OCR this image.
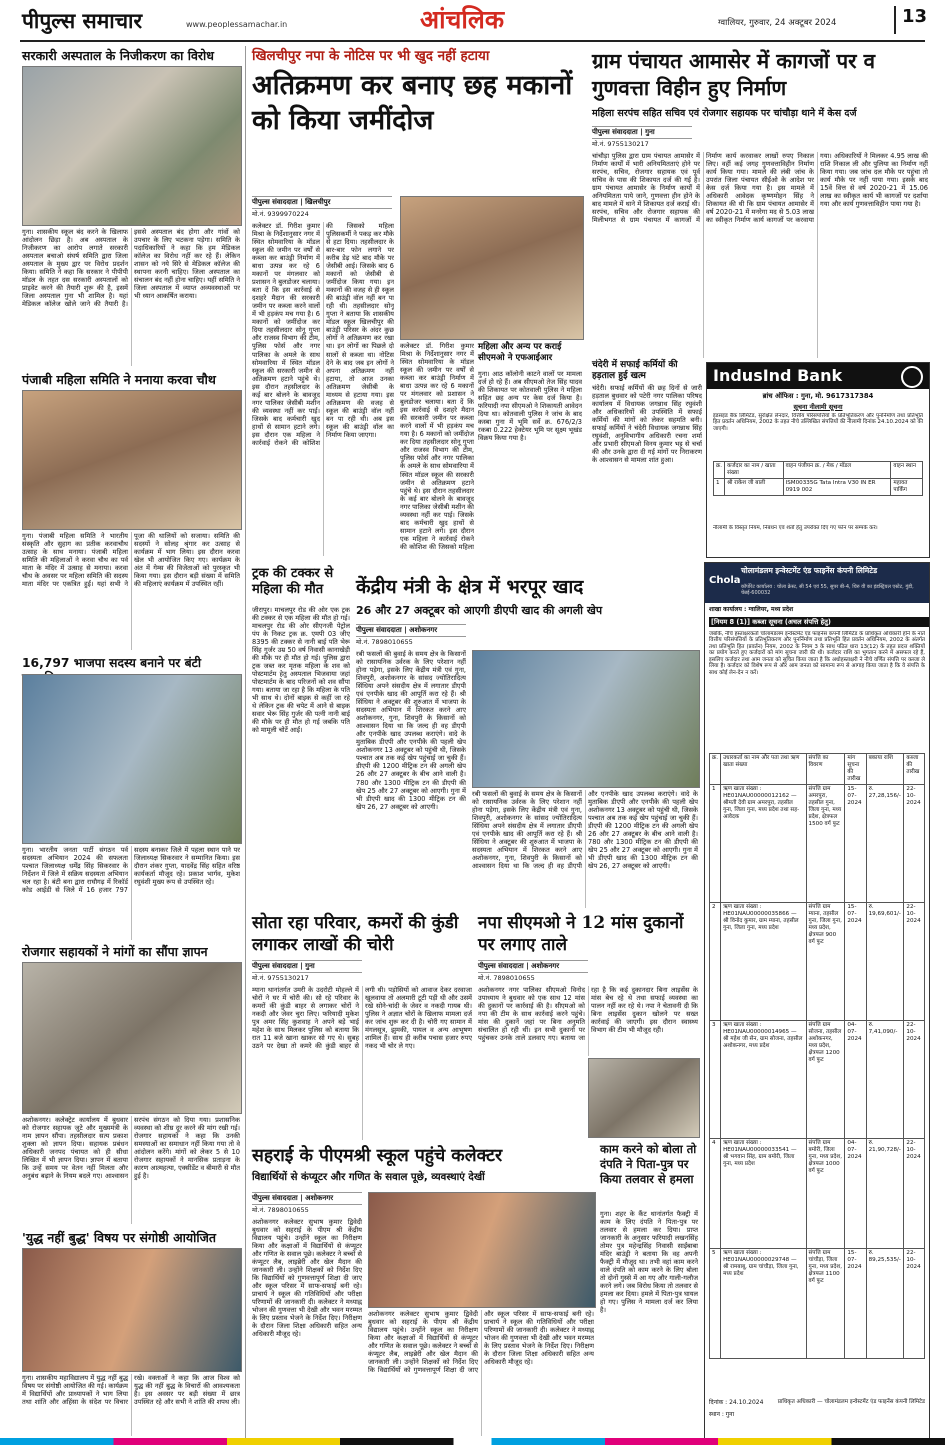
पीपुल्स समाचार	www.peoplessamachar.in	आंचलिक	ग्वालियर, गुरुवार, 24 अक्टूबर 2024	13
सरकारी अस्पताल के निजीकरण का विरोध
गुना। शासकीय स्कूल बंद करने के खिलाफ आंदोलन छिड़ा है। अब अस्पताल के निजीकरण का आरोप लगाते सरकारी अस्पताल बचाओ संघर्ष समिति द्वारा जिला अस्पताल के मुख्य द्वार पर विरोध प्रदर्शन किया। समिति ने कहा कि सरकार ने पीपीपी मॉडल के तहत दस सरकारी अस्पतालों को प्राइवेट करने की तैयारी शुरू की है, इसमें जिला अस्पताल गुना भी शामिल है। यहां मेडिकल कॉलेज खोले जाने की तैयारी है। इससे अस्पताल बंद होगा और गांवों को उपचार के लिए भटकना पड़ेगा। समिति के पदाधिकारियों ने कहा कि हम मेडिकल कॉलेज का विरोध नहीं कर रहे हैं। लेकिन शासन को नये सिरे से मेडिकल कॉलेज की स्थापना करनी चाहिए। जिला अस्पताल का संचालन बंद नहीं होना चाहिए। यहीं समिति ने जिला अस्पताल में व्याप्त अव्यवस्थाओं पर भी ध्यान आकर्षित कराया।
पंजाबी महिला समिति ने मनाया करवा चौथ
गुना। पंजाबी महिला समिति ने भारतीय संस्कृति और सुहाग का प्रतीक करवाचौथ उत्साह के साथ मनाया। पंजाबी महिला समिति की महिलाओं ने करवा चौथ का पर्व माता के मंदिर में उत्साह से मनाया। करवा चौथ के अवसर पर महिला समिति की सदस्य माता मंदिर पर एकत्रित हुईं। यहां सभी ने पूजा की थालियों को सजाया। समिति की सदस्यों ने सोलह श्रृंगार कर उत्साह से कार्यक्रम में भाग लिया। इस दौरान करवा खेल भी आयोजित किए गए। कार्यक्रम के अंत में गेम्स की विजेताओं को पुरस्कृत भी किया गया। इस दौरान बड़ी संख्या में समिति की महिलाएं कार्यक्रम में उपस्थित रहीं।
16,797 भाजपा सदस्य बनाने पर बंटी
गुना। भारतीय जनता पार्टी संगठन पर्व सदस्यता अभियान 2024 की सफलता पश्चात जिलाध्यक्ष धर्मेंद्र सिंह सिकरवार के निर्देशन में जिले में सक्रिय सदस्यता अभियान चल रहा है। बंटी बना द्वारा राघौगढ़ में रिकॉर्ड कोड आईडी से जिले में 16 हजार 797 सदस्य बनाकर जिले में पहला स्थान पाने पर जिलाध्यक्ष सिकरवार ने सम्मानित किया। इस दौरान शंकर गुप्ता, यादवेंद्र सिंह सहित वरिष्ठ कार्यकर्ता मौजूद रहे। प्रकाश भार्गव, मुकेश रघुवंशी मुख्य रूप से उपस्थित रहे।
रोजगार सहायकों ने मांगों का सौंपा ज्ञापन
अशोकनगर। कलेक्ट्रेट कार्यालय में बुधवार को रोजगार सहायक जुटे और मुख्यमंत्री के नाम ज्ञापन सौंपा। तहसीलदार सत्य प्रकाश शुक्ला को ज्ञापन दिया। सहायक प्रबंधन अधिकारी जनपद पंचायत को ही सीधा लिखित में भी ज्ञापन दिया। ज्ञापन में बताया कि उन्हें समय पर वेतन नहीं मिलता और अनुबंध बढ़ाने के नियम बदले गए। आश्वासन सरपंच संगठन को दिया गया। प्रशासनिक व्यवस्था को शीघ्र दूर करने की मांग रखी गई। रोजगार सहायकों ने कहा कि उनकी समस्याओं का समाधान नहीं किया गया तो वे आंदोलन करेंगे। मांगों को लेकर 5 से 10 रोजगार सहायकों ने मानसिक प्रताड़ना के कारण आत्महत्या, एक्सीडेंट व बीमारी से मौत हुई है।
'युद्ध नहीं बुद्ध' विषय पर संगोष्ठी आयोजित
गुना। शासकीय महाविद्यालय में युद्ध नहीं बुद्ध विषय पर संगोष्ठी आयोजित की गई। कार्यक्रम में विद्यार्थियों और प्राध्यापकों ने भाग लिया तथा शांति और अहिंसा के संदेश पर विचार रखे। वक्ताओं ने कहा कि आज विश्व को युद्ध की नहीं बुद्ध के विचारों की आवश्यकता है। इस अवसर पर बड़ी संख्या में छात्र उपस्थित रहे और सभी ने शांति की शपथ ली।
खिलचीपुर नपा के नोटिस पर भी खुद नहीं हटाया
अतिक्रमण कर बनाए छह मकानों को किया जमींदोज
पीपुल्स संवाददाता | खिलचीपुर
मो.नं. 9399970224
कलेक्टर डॉ. गिरीश कुमार मिश्रा के निर्देशानुसार नगर में स्थित सोमवारिया के मॉडल स्कूल की जमीन पर वर्षों से कब्जा कर बाउंड्री निर्माण में बाधा उत्पन्न कर रहे 6 मकानों पर मंगलवार को प्रशासन ने बुलडोजर चलाया। बता दें कि इस कार्रवाई से दशहरे मैदान की सरकारी जमीन पर कब्जा करने वालों में भी हड़कंप मच गया है। 6 मकानों को जमींदोज कर दिया तहसीलदार सोनू गुप्ता और राजस्व विभाग की टीम, पुलिस फोर्स और नगर पालिका के अमले के साथ सोमवारिया में स्थित मॉडल स्कूल की सरकारी जमीन से अतिक्रमण हटाने पहुंचे थे। इस दौरान तहसीलदार के कई बार बोलने के बावजूद नगर पालिका जेसीबी मशीन की व्यवस्था नहीं कर पाई। जिसके बाद कर्मचारी खुद हाथों से सामान हटाने लगे। इस दौरान एक महिला ने कार्रवाई रोकने की कोशिश की जिसको महिला पुलिसकर्मी ने पकड़ कर मौके से हटा दिया। तहसीलदार के बार-बार फोन लगाने पर करीब डेढ़ घंटे बाद मौके पर जेसीबी आई। जिसके बाद 6 मकानों को जेसीबी से जमींदोज किया गया। इन मकानों की वजह से ही स्कूल की बाउंड्री वॉल नहीं बन पा रही थी। तहसीलदार सोनू गुप्ता ने बताया कि शासकीय मॉडल स्कूल खिलचीपुर की बाउंड्री परिसर के अंदर कुछ लोगों ने अतिक्रमण कर रखा था। इन लोगों का पिछले दो सालों से कब्जा था। नोटिस देने के बाद जब इन लोगों ने अपना अतिक्रमण नहीं हटाया, तो आज उनका अतिक्रमण जेसीबी के माध्यम से हटाया गया। इस अतिक्रमण की वजह से स्कूल की बाउंड्री वॉल नहीं बन पा रही थी। अब इस स्कूल की बाउंड्री वॉल का निर्माण किया जाएगा।
महिला और अन्य पर कराई सीएमओ ने एफआईआर
गुना। आठ कॉलोनी काटने वालों पर मामला दर्ज हो रहे हैं। अब सीएमओ तेज सिंह यादव की शिकायत पर कोतवाली पुलिस ने महिला सहित छह अन्य पर केस दर्ज किया है। फरियादी नपा सीएमओ ने शिकायती आवेदन दिया था। कोतवाली पुलिस ने जांच के बाद कस्बा गुना में भूमि सर्वे क्र. 676/2/3 रकबा 0.222 हेक्टेयर भूमि पर सूक्ष्म भूखंड विक्रय किया गया है।
कलेक्टर डॉ. गिरीश कुमार मिश्रा के निर्देशानुसार नगर में स्थित सोमवारिया के मॉडल स्कूल की जमीन पर वर्षों से कब्जा कर बाउंड्री निर्माण में बाधा उत्पन्न कर रहे 6 मकानों पर मंगलवार को प्रशासन ने बुलडोजर चलाया। बता दें कि इस कार्रवाई से दशहरे मैदान की सरकारी जमीन पर कब्जा करने वालों में भी हड़कंप मच गया है। 6 मकानों को जमींदोज कर दिया तहसीलदार सोनू गुप्ता और राजस्व विभाग की टीम, पुलिस फोर्स और नगर पालिका के अमले के साथ सोमवारिया में स्थित मॉडल स्कूल की सरकारी जमीन से अतिक्रमण हटाने पहुंचे थे। इस दौरान तहसीलदार के कई बार बोलने के बावजूद नगर पालिका जेसीबी मशीन की व्यवस्था नहीं कर पाई। जिसके बाद कर्मचारी खुद हाथों से सामान हटाने लगे। इस दौरान एक महिला ने कार्रवाई रोकने की कोशिश की जिसको महिला
ट्रक की टक्कर से महिला की मौत
जीरापुर। माचलपुर रोड की ओर एक ट्रक की टक्कर से एक महिला की मौत हो गई। माचलपुर रोड की ओर सीएनजी पेट्रोल पंप के निकट ट्रक क्र. एमपी 03 जीए 8395 की टक्कर से नानी बाई पति भेरू सिंह गुर्जर उम्र 50 वर्ष निवासी कानाखेड़ी की मौके पर ही मौत हो गई। पुलिस द्वारा ट्रक जब्त कर मृतक महिला के शव को पोस्टमार्टम हेतु अस्पताल भिजवाया जहां पोस्टमार्टम के बाद परिजनों को शव सौंपा गया। बताया जा रहा है कि महिला के पति भी साथ थे। दोनों बाइक से कहीं जा रहे थे लेकिन ट्रक की चपेट में आने से बाइक सवार भेरू सिंह गुर्जर की पत्नी नानी बाई की मौके पर ही मौत हो गई जबकि पति को मामूली चोटें आईं।
ग्राम पंचायत आमासेर में कागजों पर व गुणवत्ता विहीन हुए निर्माण
महिला सरपंच सहित सचिव एवं रोजगार सहायक पर चांचौड़ा थाने में केस दर्ज
पीपुल्स संवाददाता | गुना
मो.नं. 9755130217
चांचौड़ा पुलिस द्वारा ग्राम पंचायत आमासेर में निर्माण कार्यों में भारी अनियमितताएं होने पर सरपंच, सचिव, रोजगार सहायक एवं पूर्व सचिव के पास की शिकायत दर्ज की गई है। ग्राम पंचायत आमासेर के निर्माण कार्यों में अनियमितता पाये जाने, गुणवत्ता हीन होने के बाद मामले में थाने में शिकायत दर्ज कराई थी। सरपंच, सचिव और रोजगार सहायक की मिलीभगत से ग्राम पंचायत में कागजों में निर्माण कार्य करवाकर लाखों रुपए निकाल लिए। वहीं कई जगह गुणवत्ताविहीन निर्माण कार्य किया गया। मामले की लंबी जांच के उपरांत जिला पंचायत सीईओ के आदेश पर केस दर्ज किया गया है। इस मामले में अधिकारी आवेदक कृष्णमोहन सिंह ने शिकायत की थी कि ग्राम पंचायत आमासेर में वर्ष 2020-21 में मनरेगा मद से 5.03 लाख का स्वीकृत निर्माण कार्य कागजों पर करवाया गया। अधिकारियों ने मिलकर 4.95 लाख की राशि निकाल ली और पुलिया का निर्माण नहीं किया गया। जब जांच दल मौके पर पहुंचा तो कार्य मौके पर नहीं पाया गया। इसके बाद 15वें वित्त से वर्ष 2020-21 में 15.06 लाख का स्वीकृत कार्य भी कागजों पर दर्शाया गया और कार्य गुणवत्ताविहीन पाया गया है।
चंदेरी में सफाई कर्मियों की हड़ताल हुई खत्म
चंदेरी। सफाई कर्मियों की छह दिनों से जारी हड़ताल बुधवार को पटेरी नगर पालिका परिषद कार्यालय में विधायक जगन्नाथ सिंह रघुवंशी और अधिकारियों की उपस्थिति में सफाई कर्मियों की मांगों को लेकर सहमति बनी। सफाई कर्मियों ने चंदेरी विधायक जगन्नाथ सिंह रघुवंशी, अनुविभागीय अधिकारी रचना शर्मा और प्रभारी सीएमओ विनय कुमार भट्ट से चर्चा की और उनके द्वारा दी गई मांगों पर निराकरण के आश्वासन से मामला शांत हुआ।
IndusInd Bank
ब्रांच ऑफिस : गुना, मो. 9617317384
सूचना नीलामी सूचना
इंडसइंड बैंक लिमिटेड, सुरक्षित लेनदार, वित्तीय परिसंपत्तियों के प्रतिभूतिकरण और पुनर्निर्माण तथा प्रतिभूति हित प्रवर्तन अधिनियम, 2002 के तहत नीचे उल्लिखित संपत्तियों की नीलामी दिनांक 24.10.2024 को की जाएगी।
क्र.	कर्जदार का नाम / खाता संख्या	वाहन पंजीयन क्र. / मेक / मॉडल	वाहन स्थान
1	श्री राकेश जी बाली	ISM00335G Tata Intra V30 IN ER 0919 002	महावत पार्किंग
नीलामी के विस्तृत नियम, निबंधन एवं शर्तों हेतु उपरोक्त दिए गए फोन पर सम्पर्क करें।
केंद्रीय मंत्री के क्षेत्र में भरपूर खाद
26 और 27 अक्टूबर को आएगी डीएपी खाद की अगली खेप
पीपुल्स संवाददाता | अशोकनगर
मो.नं. 7898010655
रबी फसलों की बुवाई के समय क्षेत्र के किसानों को रासायनिक उर्वरक के लिए परेशान नहीं होना पड़ेगा, इसके लिए केंद्रीय मंत्री एवं गुना, शिवपुरी, अशोकनगर के सांसद ज्योतिरादित्य सिंधिया अपने संसदीय क्षेत्र में लगातार डीएपी एवं एनपीके खाद की आपूर्ति करा रहे हैं। श्री सिंधिया ने अक्टूबर की शुरुआत में भाजपा के सदस्यता अभियान में शिरकत करने आए अशोकनगर, गुना, शिवपुरी के किसानों को आश्वासन दिया था कि जल्द ही वह डीएपी और एनपीके खाद उपलब्ध कराएंगे। वादे के मुताबिक डीएपी और एनपीके की पहली खेप अशोकनगर 13 अक्टूबर को पहुंची थी, जिसके पश्चात अब तक कई खेप पहुंचाई जा चुकी हैं। डीएपी की 1200 मीट्रिक टन की अगली खेप 26 और 27 अक्टूबर के बीच आने वाली है। 780 और 1300 मीट्रिक टन की डीएपी की खेप 25 और 27 अक्टूबर को आएगी। गुना में भी डीएपी खाद की 1300 मीट्रिक टन की खेप 26, 27 अक्टूबर को आएगी।
रबी फसलों की बुवाई के समय क्षेत्र के किसानों को रासायनिक उर्वरक के लिए परेशान नहीं होना पड़ेगा, इसके लिए केंद्रीय मंत्री एवं गुना, शिवपुरी, अशोकनगर के सांसद ज्योतिरादित्य सिंधिया अपने संसदीय क्षेत्र में लगातार डीएपी एवं एनपीके खाद की आपूर्ति करा रहे हैं। श्री सिंधिया ने अक्टूबर की शुरुआत में भाजपा के सदस्यता अभियान में शिरकत करने आए अशोकनगर, गुना, शिवपुरी के किसानों को आश्वासन दिया था कि जल्द ही वह डीएपी और एनपीके खाद उपलब्ध कराएंगे। वादे के मुताबिक डीएपी और एनपीके की पहली खेप अशोकनगर 13 अक्टूबर को पहुंची थी, जिसके पश्चात अब तक कई खेप पहुंचाई जा चुकी हैं। डीएपी की 1200 मीट्रिक टन की अगली खेप 26 और 27 अक्टूबर के बीच आने वाली है। 780 और 1300 मीट्रिक टन की डीएपी की खेप 25 और 27 अक्टूबर को आएगी। गुना में भी डीएपी खाद की 1300 मीट्रिक टन की खेप 26, 27 अक्टूबर को आएगी।
सोता रहा परिवार, कमरों की कुंडी लगाकर लाखों की चोरी
पीपुल्स संवाददाता | गुना
मो.नं. 9755130217
म्याना थानांतर्गत उमरी के उदरोटी मोहल्ले में चोरों ने घर में चोरी की। सो रहे परिवार के कमरों की कुंडी बाहर से लगाकर चोरों ने नकदी और जेवर चुरा लिए। फरियादी मुकेश पुत्र अमर सिंह कुशवाह ने अपने बड़े भाई महेश के साथ मिलकर पुलिस को बताया कि रात 11 बजे खाना खाकर सो गए थे। सुबह उठने पर देखा तो कमरे की कुंडी बाहर से लगी थी। पड़ोसियों को आवाज देकर दरवाजा खुलवाया तो अलमारी टूटी पड़ी थी और उसमें रखे सोने-चांदी के जेवर व नकदी गायब थी। पुलिस ने अज्ञात चोरों के खिलाफ मामला दर्ज कर जांच शुरू कर दी है। चोरी गए सामान में मंगलसूत्र, झुमकी, पायल व अन्य आभूषण शामिल हैं। साथ ही करीब पचास हजार रुपए नकद भी चोर ले गए।
नपा सीएमओ ने 12 मांस दुकानों पर लगाए ताले
पीपुल्स संवाददाता | अशोकनगर
मो.नं. 7898010655
अशोकनगर नगर पालिका सीएमओ विनोद उपाध्याय ने बुधवार को एक साथ 12 मांस की दुकानों पर कार्रवाई की है। सीएमओ को नपा की टीम के साथ कार्रवाई करने पहुंचे। मांस की दुकानें जहां पर बिना अनुमति संचालित हो रही थीं। इन सभी दुकानों पर पहुंचकर उनके ताले डलवाए गए। बताया जा रहा है कि कई दुकानदार बिना लाइसेंस के मांस बेच रहे थे तथा सफाई व्यवस्था का पालन नहीं कर रहे थे। नपा ने चेतावनी दी कि बिना लाइसेंस दुकान खोलने पर सख्त कार्रवाई की जाएगी। इस दौरान स्वास्थ्य विभाग की टीम भी मौजूद रही।
सहराई के पीएमश्री स्कूल पहुंचे कलेक्टर
विद्यार्थियों से कंप्यूटर और गणित के सवाल पूछे, व्यवस्थाएं देखीं
पीपुल्स संवाददाता | अशोकनगर
मो.नं. 7898010655
अशोकनगर कलेक्टर सुभाष कुमार द्विवेदी बुधवार को सहराई के पीएम श्री केंद्रीय विद्यालय पहुंचे। उन्होंने स्कूल का निरीक्षण किया और कक्षाओं में विद्यार्थियों से कंप्यूटर और गणित के सवाल पूछे। कलेक्टर ने बच्चों से कंप्यूटर लैब, लाइब्रेरी और खेल मैदान की जानकारी ली। उन्होंने शिक्षकों को निर्देश दिए कि विद्यार्थियों को गुणवत्तापूर्ण शिक्षा दी जाए और स्कूल परिसर में साफ-सफाई बनी रहे। प्राचार्य ने स्कूल की गतिविधियों और परीक्षा परिणामों की जानकारी दी। कलेक्टर ने मध्याह्न भोजन की गुणवत्ता भी देखी और भवन मरम्मत के लिए प्रस्ताव भेजने के निर्देश दिए। निरीक्षण के दौरान जिला शिक्षा अधिकारी सहित अन्य अधिकारी मौजूद रहे।
अशोकनगर कलेक्टर सुभाष कुमार द्विवेदी बुधवार को सहराई के पीएम श्री केंद्रीय विद्यालय पहुंचे। उन्होंने स्कूल का निरीक्षण किया और कक्षाओं में विद्यार्थियों से कंप्यूटर और गणित के सवाल पूछे। कलेक्टर ने बच्चों से कंप्यूटर लैब, लाइब्रेरी और खेल मैदान की जानकारी ली। उन्होंने शिक्षकों को निर्देश दिए कि विद्यार्थियों को गुणवत्तापूर्ण शिक्षा दी जाए और स्कूल परिसर में साफ-सफाई बनी रहे। प्राचार्य ने स्कूल की गतिविधियों और परीक्षा परिणामों की जानकारी दी। कलेक्टर ने मध्याह्न भोजन की गुणवत्ता भी देखी और भवन मरम्मत के लिए प्रस्ताव भेजने के निर्देश दिए। निरीक्षण के दौरान जिला शिक्षा अधिकारी सहित अन्य अधिकारी मौजूद रहे।
काम करने को बोला तो दंपति ने पिता-पुत्र पर किया तलवार से हमला
गुना। शहर के कैंट थानांतर्गत फैक्ट्री में काम के लिए दंपति ने पिता-पुत्र पर तलवार से हमला कर दिया। प्राप्त जानकारी के अनुसार फरियादी लखनसिंह तोमर पुत्र महेन्द्रसिंह निवासी साईंबाबा मंदिर बाउंड्री ने बताया कि वह अपनी फैक्ट्री में मौजूद था। तभी वहां काम करने वाले दंपति को काम करने के लिए बोला तो दोनों गुस्से में आ गए और गाली-गलौज करने लगे। जब विरोध किया तो तलवार से हमला कर दिया। हमले में पिता-पुत्र घायल हो गए। पुलिस ने मामला दर्ज कर लिया है।
Chola
चोलामंडलम इन्वेस्टमेंट एंड फाइनेंस कंपनी लिमिटेड
कॉर्पोरेट कार्यालय : चोला क्रेस्ट, सी 54 एवं 55, सुपर बी-4, थिरु वी का इंडस्ट्रियल एस्टेट, गुंडी, चेन्नई-600032
शाखा कार्यालय : ग्वालियर, मध्य प्रदेश
[नियम 8 (1)] कब्जा सूचना (अचल संपत्ति हेतु)
जबकि, नीचे हस्ताक्षरकर्ता चोलामंडलम इन्वेस्टमेंट एंड फाइनेंस कंपनी लिमिटेड के प्राधिकृत अधिकारी होने के नाते वित्तीय परिसंपत्तियों के प्रतिभूतिकरण और पुनर्निर्माण तथा प्रतिभूति हित प्रवर्तन अधिनियम, 2002 के अंतर्गत तथा प्रतिभूति हित (प्रवर्तन) नियम, 2002 के नियम 3 के साथ पठित धारा 13(12) के तहत प्रदत्त शक्तियों का प्रयोग करते हुए कर्जदारों को मांग सूचना जारी की थी। कर्जदार राशि का भुगतान करने में असफल रहे हैं, इसलिए कर्जदार तथा आम जनता को सूचित किया जाता है कि अधोहस्ताक्षरी ने नीचे वर्णित संपत्ति पर कब्जा ले लिया है। कर्जदार को विशेष रूप से और आम जनता को सामान्य रूप से आगाह किया जाता है कि वे संपत्ति के साथ कोई लेन-देन न करें।
क्र.	उधारकर्ता का नाम और पता तथा ऋण खाता संख्या	संपत्ति का विवरण	मांग सूचना की तारीख	बकाया राशि	कब्जा की तारीख
1	ऋण खाता संख्या : HE01NAU00000012162 — श्रीमती देवी ग्राम अमरपुरा, तहसील गुना, जिला गुना, मध्य प्रदेश तथा सह-आवेदक	संपत्ति ग्राम अमरपुरा, तहसील गुना, जिला गुना, मध्य प्रदेश, क्षेत्रफल 1500 वर्ग फुट	15-07-2024	रु. 27,28,156/-	22-10-2024
2	ऋण खाता संख्या : HE01NAU00000035866 — श्री विनोद कुमार, ग्राम म्याना, तहसील गुना, जिला गुना, मध्य प्रदेश	संपत्ति ग्राम म्याना, तहसील गुना, जिला गुना, मध्य प्रदेश, क्षेत्रफल 900 वर्ग फुट	15-07-2024	रु. 19,69,601/-	22-10-2024
3	ऋण खाता संख्या : HE01NAU00000014965 — श्री महेश जी सेन, ग्राम सोजना, तहसील अशोकनगर, मध्य प्रदेश	संपत्ति ग्राम सोजना, तहसील अशोकनगर, मध्य प्रदेश, क्षेत्रफल 1200 वर्ग फुट	04-07-2024	रु. 7,41,090/-	22-10-2024
4	ऋण खाता संख्या : HE01NAU00000033541 — श्री भगवान सिंह, ग्राम बमोरी, जिला गुना, मध्य प्रदेश	संपत्ति ग्राम बमोरी, जिला गुना, मध्य प्रदेश, क्षेत्रफल 1000 वर्ग फुट	04-07-2024	रु. 21,90,728/-	22-10-2024
5	ऋण खाता संख्या : HE01NAU00000029748 — श्री रामबाबू, ग्राम चांचौड़ा, जिला गुना, मध्य प्रदेश	संपत्ति ग्राम चांचौड़ा, जिला गुना, मध्य प्रदेश, क्षेत्रफल 1100 वर्ग फुट	15-07-2024	रु. 89,25,535/-	22-10-2024
दिनांक : 24.10.2024
स्थान : गुना
प्राधिकृत अधिकारी — चोलामंडलम इन्वेस्टमेंट एंड फाइनेंस कंपनी लिमिटेड
